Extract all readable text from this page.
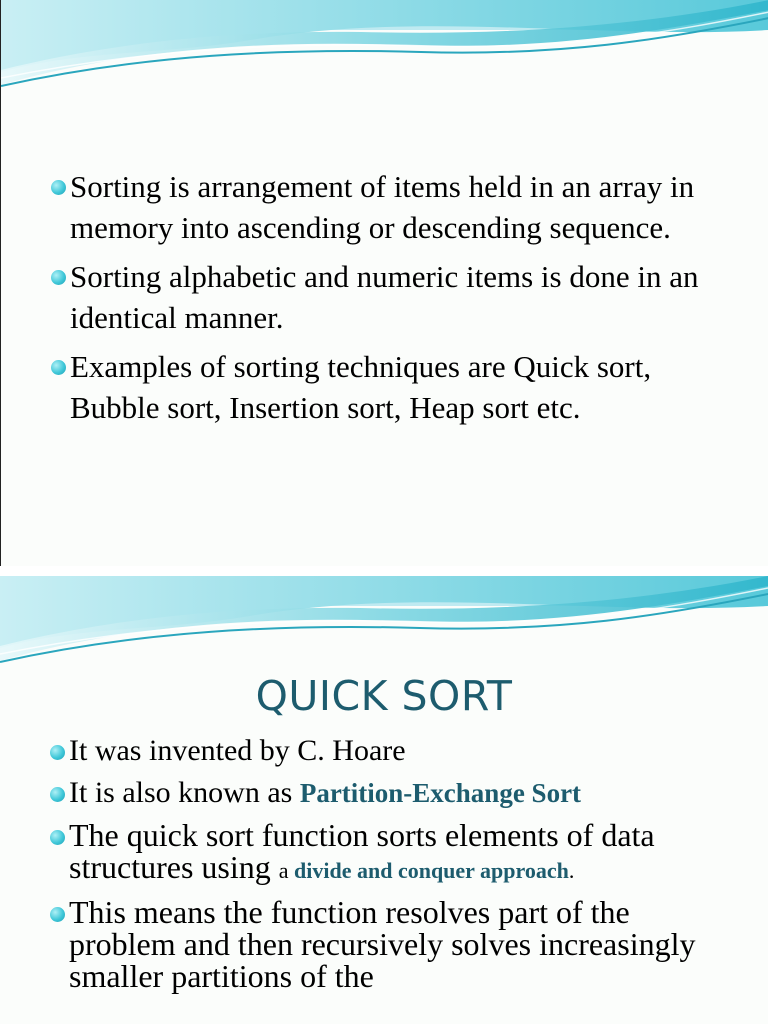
Sorting is arrangement of items held in an array in memory into ascending or descending sequence.
Sorting alphabetic and numeric items is done in an identical manner.
Examples of sorting techniques are Quick sort, Bubble sort, Insertion sort, Heap sort etc.
QUICK SORT
It was invented by C. Hoare
It is also known as Partition-Exchange Sort
The quick sort function sorts elements of data structures using a divide and conquer approach.
This means the function resolves part of the problem and then recursively solves increasingly smaller partitions of the
